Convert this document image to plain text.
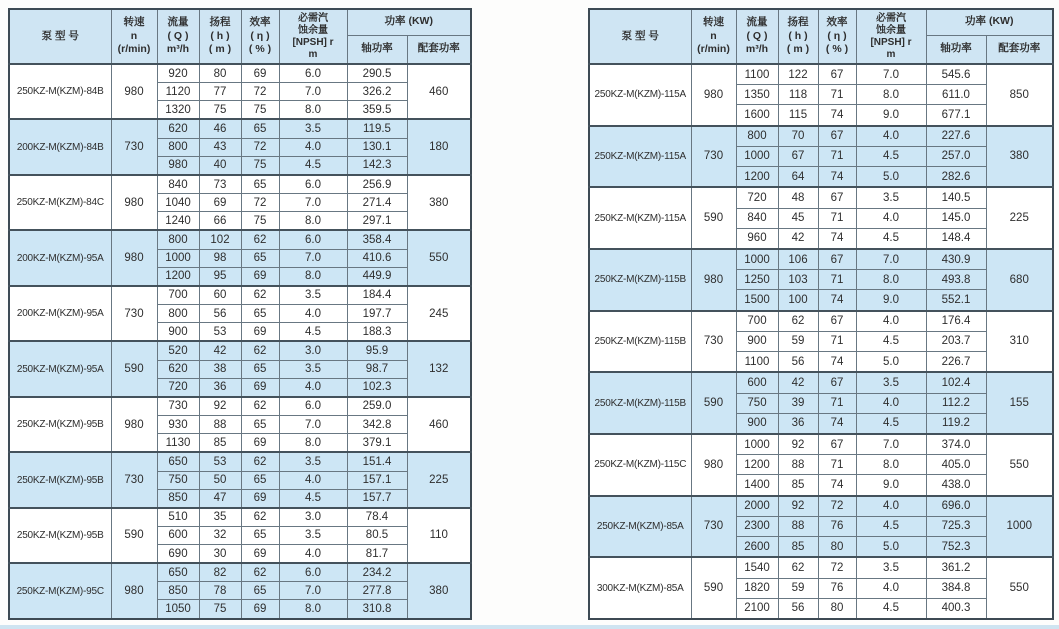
泵 型 号	转速
n
(r/min)	流量
( Q )
m³/h	扬程
( h )
( m )	效率
( η )
( % )	必需汽
蚀余量
[NPSH] r
m	功率 (KW)	
						轴功率	配套功率
250KZ-M(KZM)-84B	980	920	80	69	6.0	290.5	460
		1120	77	72	7.0	326.2	
		1320	75	75	8.0	359.5	
200KZ-M(KZM)-84B	730	620	46	65	3.5	119.5	180
		800	43	72	4.0	130.1	
		980	40	75	4.5	142.3	
250KZ-M(KZM)-84C	980	840	73	65	6.0	256.9	380
		1040	69	72	7.0	271.4	
		1240	66	75	8.0	297.1	
200KZ-M(KZM)-95A	980	800	102	62	6.0	358.4	550
		1000	98	65	7.0	410.6	
		1200	95	69	8.0	449.9	
200KZ-M(KZM)-95A	730	700	60	62	3.5	184.4	245
		800	56	65	4.0	197.7	
		900	53	69	4.5	188.3	
250KZ-M(KZM)-95A	590	520	42	62	3.0	95.9	132
		620	38	65	3.5	98.7	
		720	36	69	4.0	102.3	
250KZ-M(KZM)-95B	980	730	92	62	6.0	259.0	460
		930	88	65	7.0	342.8	
		1130	85	69	8.0	379.1	
250KZ-M(KZM)-95B	730	650	53	62	3.5	151.4	225
		750	50	65	4.0	157.1	
		850	47	69	4.5	157.7	
250KZ-M(KZM)-95B	590	510	35	62	3.0	78.4	110
		600	32	65	3.5	80.5	
		690	30	69	4.0	81.7	
250KZ-M(KZM)-95C	980	650	82	62	6.0	234.2	380
		850	78	65	7.0	277.8	
		1050	75	69	8.0	310.8	
泵 型 号	转速
n
(r/min)	流量
( Q )
m³/h	扬程
( h )
( m )	效率
( η )
( % )	必需汽
蚀余量
[NPSH] r
m	功率 (KW)	
						轴功率	配套功率
250KZ-M(KZM)-115A	980	1100	122	67	7.0	545.6	850
		1350	118	71	8.0	611.0	
		1600	115	74	9.0	677.1	
250KZ-M(KZM)-115A	730	800	70	67	4.0	227.6	380
		1000	67	71	4.5	257.0	
		1200	64	74	5.0	282.6	
250KZ-M(KZM)-115A	590	720	48	67	3.5	140.5	225
		840	45	71	4.0	145.0	
		960	42	74	4.5	148.4	
250KZ-M(KZM)-115B	980	1000	106	67	7.0	430.9	680
		1250	103	71	8.0	493.8	
		1500	100	74	9.0	552.1	
250KZ-M(KZM)-115B	730	700	62	67	4.0	176.4	310
		900	59	71	4.5	203.7	
		1100	56	74	5.0	226.7	
250KZ-M(KZM)-115B	590	600	42	67	3.5	102.4	155
		750	39	71	4.0	112.2	
		900	36	74	4.5	119.2	
250KZ-M(KZM)-115C	980	1000	92	67	7.0	374.0	550
		1200	88	71	8.0	405.0	
		1400	85	74	9.0	438.0	
250KZ-M(KZM)-85A	730	2000	92	72	4.0	696.0	1000
		2300	88	76	4.5	725.3	
		2600	85	80	5.0	752.3	
300KZ-M(KZM)-85A	590	1540	62	72	3.5	361.2	550
		1820	59	76	4.0	384.8	
		2100	56	80	4.5	400.3	
